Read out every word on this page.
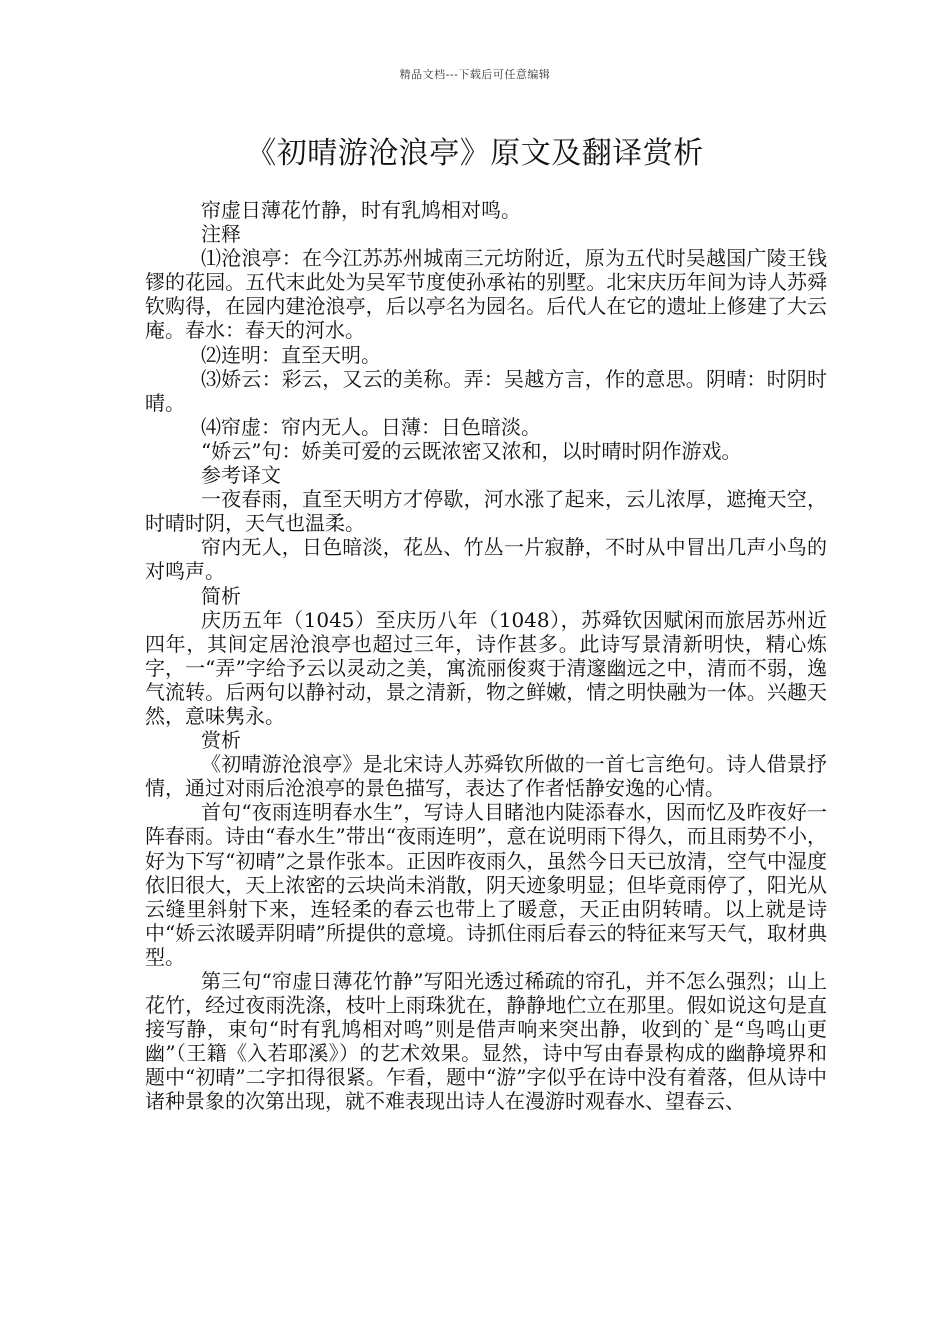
精品文档---下载后可任意编辑
《初晴游沧浪亭》原文及翻译赏析

帘虚日薄花竹静，时有乳鸠相对鸣。

注释

⑴沧浪亭：在今江苏苏州城南三元坊附近，原为五代时吴越国广陵王钱镠的花园。五代末此处为吴军节度使孙承祐的别墅。北宋庆历年间为诗人苏舜钦购得，在园内建沧浪亭，后以亭名为园名。后代人在它的遗址上修建了大云庵。春水：春天的河水。

⑵连明：直至天明。

⑶娇云：彩云，又云的美称。弄：吴越方言，作的意思。阴晴：时阴时晴。

⑷帘虚：帘内无人。日薄：日色暗淡。

“娇云”句：娇美可爱的云既浓密又浓和，以时晴时阴作游戏。

参考译文

一夜春雨，直至天明方才停歇，河水涨了起来，云儿浓厚，遮掩天空，时晴时阴，天气也温柔。

帘内无人，日色暗淡，花丛、竹丛一片寂静，不时从中冒出几声小鸟的对鸣声。

简析

庆历五年（1045）至庆历八年（1048），苏舜钦因赋闲而旅居苏州近四年，其间定居沧浪亭也超过三年，诗作甚多。此诗写景清新明快，精心炼字，一“弄”字给予云以灵动之美，寓流丽俊爽于清邃幽远之中，清而不弱，逸气流转。后两句以静衬动，景之清新，物之鲜嫩，情之明快融为一体。兴趣天然，意味隽永。

赏析

《初晴游沧浪亭》是北宋诗人苏舜钦所做的一首七言绝句。诗人借景抒情，通过对雨后沧浪亭的景色描写，表达了作者恬静安逸的心情。

首句“夜雨连明春水生”，写诗人目睹池内陡添春水，因而忆及昨夜好一阵春雨。诗由“春水生”带出“夜雨连明”，意在说明雨下得久，而且雨势不小，好为下写“初晴”之景作张本。正因昨夜雨久，虽然今日天已放清，空气中湿度依旧很大，天上浓密的云块尚未消散，阴天迹象明显；但毕竟雨停了，阳光从云缝里斜射下来，连轻柔的春云也带上了暖意，天正由阴转晴。以上就是诗中“娇云浓暖弄阴晴”所提供的意境。诗抓住雨后春云的特征来写天气，取材典型。

第三句“帘虚日薄花竹静”写阳光透过稀疏的帘孔，并不怎么强烈；山上花竹，经过夜雨洗涤，枝叶上雨珠犹在，静静地伫立在那里。假如说这句是直接写静，束句“时有乳鸠相对鸣”则是借声响来突出静，收到的`是“鸟鸣山更幽”（王籍《入若耶溪》）的艺术效果。显然，诗中写由春景构成的幽静境界和题中“初晴”二字扣得很紧。乍看，题中“游”字似乎在诗中没有着落，但从诗中诸种景象的次第出现，就不难表现出诗人在漫游时观春水、望春云、
